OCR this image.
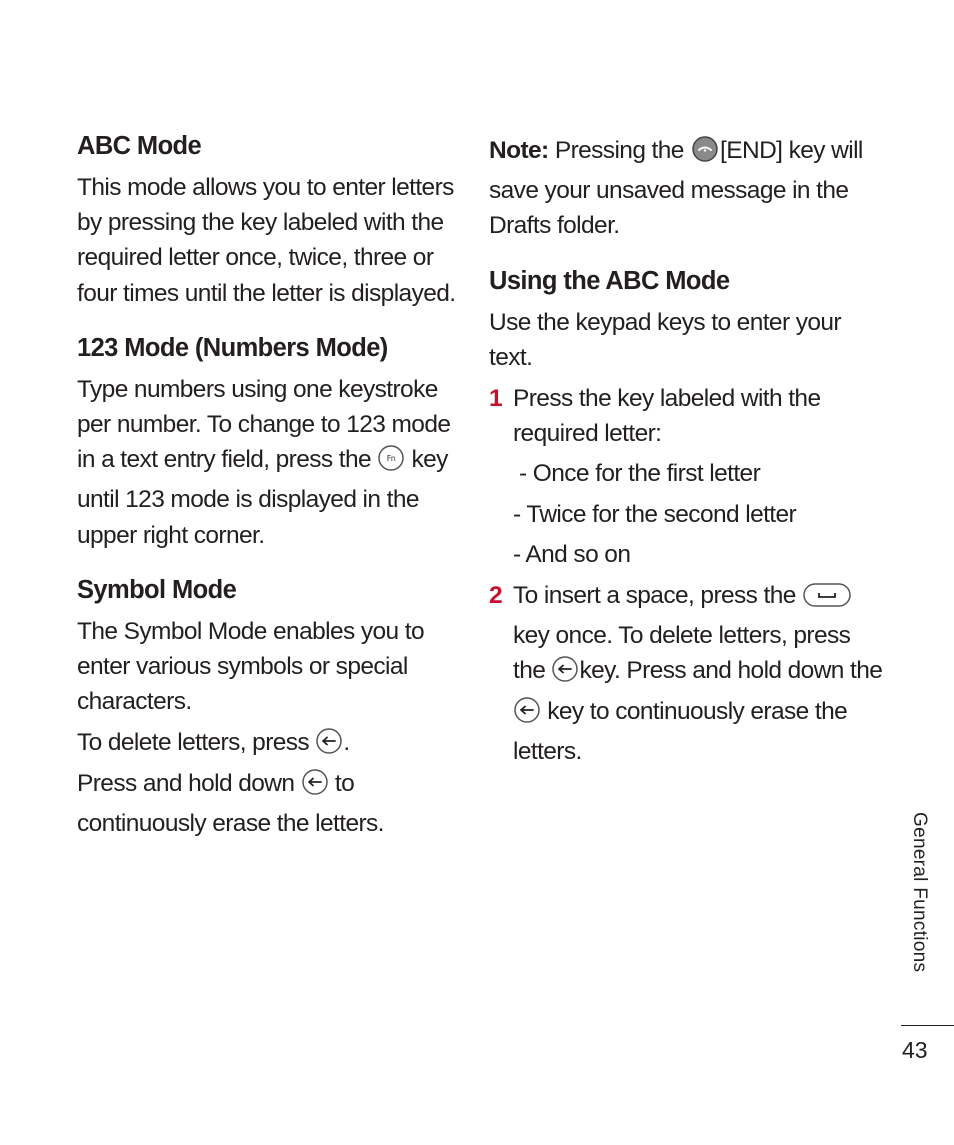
ABC Mode

This mode allows you to enter letters by pressing the key labeled with the required letter once, twice, three or four times until the letter is displayed.

123 Mode (Numbers Mode)

Type numbers using one keystroke per number. To change to 123 mode in a text entry field, press the Fn key until 123 mode is displayed in the upper right corner.

Symbol Mode

The Symbol Mode enables you to enter various symbols or special characters.

To delete letters, press .
Press and hold down to
continuously erase the letters.

Note: Pressing the [END] key will save your unsaved message in the Drafts folder.

Using the ABC Mode

Use the keypad keys to enter your text.

1 Press the key labeled with the required letter:

- Once for the first letter

- Twice for the second letter

- And so on

2 To insert a space, press the  key once. To delete letters, press the key. Press and hold down the  key to continuously erase the letters.
General Functions
43
